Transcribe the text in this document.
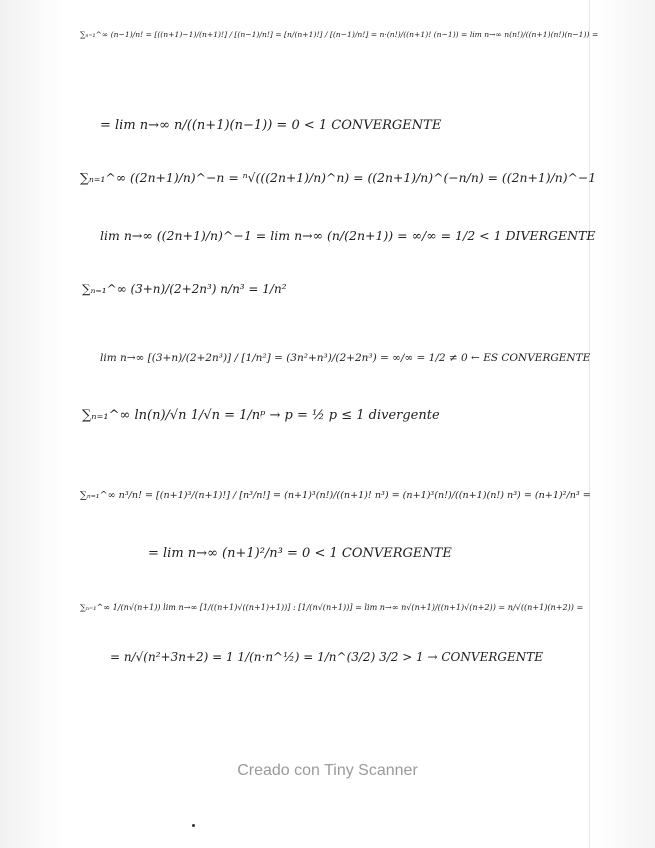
∑ₙ₌₁^∞ (n−1)/n! = [((n+1)−1)/(n+1)!] / [(n−1)/n!] = [n/(n+1)!] / [(n−1)/n!] = n·(n!)/((n+1)! (n−1)) = lim n→∞ n(n!)/((n+1)(n!)(n−1)) =
= lim n→∞ n/((n+1)(n−1)) = 0 < 1 CONVERGENTE
∑ₙ₌₁^∞ ((2n+1)/n)^−n = ⁿ√(((2n+1)/n)^n) = ((2n+1)/n)^(−n/n) = ((2n+1)/n)^−1
lim n→∞ ((2n+1)/n)^−1 = lim n→∞ (n/(2n+1)) = ∞/∞ = 1/2 < 1 DIVERGENTE
∑ₙ₌₁^∞ (3+n)/(2+2n³) n/n³ = 1/n²
lim n→∞ [(3+n)/(2+2n³)] / [1/n²] = (3n²+n³)/(2+2n³) = ∞/∞ = 1/2 ≠ 0 ← ES CONVERGENTE
∑ₙ₌₁^∞ ln(n)/√n 1/√n = 1/nᵖ → p = ½ p ≤ 1 divergente
∑ₙ₌₁^∞ n³/n! = [(n+1)³/(n+1)!] / [n³/n!] = (n+1)³(n!)/((n+1)! n³) = (n+1)³(n!)/((n+1)(n!) n³) = (n+1)²/n³ =
= lim n→∞ (n+1)²/n³ = 0 < 1 CONVERGENTE
∑ₙ₌₁^∞ 1/(n√(n+1)) lim n→∞ [1/((n+1)√((n+1)+1))] : [1/(n√(n+1))] = lim n→∞ n√(n+1)/((n+1)√(n+2)) = n/√((n+1)(n+2)) =
= n/√(n²+3n+2) = 1 1/(n·n^½) = 1/n^(3/2) 3/2 > 1 → CONVERGENTE
Creado con Tiny Scanner
